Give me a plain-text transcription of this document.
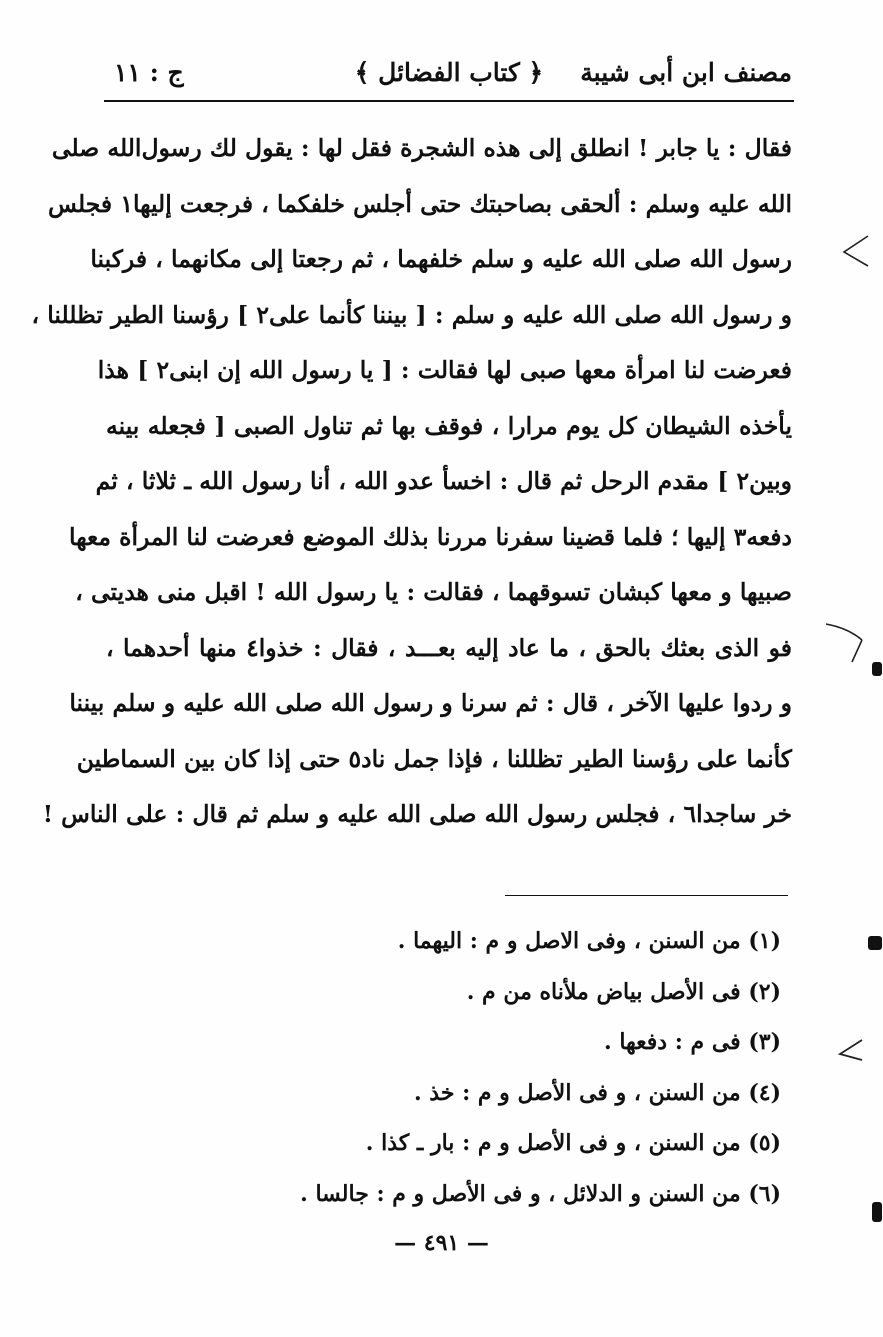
مصنف ابن أبى شيبة
﴿ كتاب الفضائل ﴾
ج : ١١
فقال : يا جابر ! انطلق إلى هذه الشجرة فقل لها : يقول لك رسول‌الله صلى
الله عليه وسلم : ألحقى بصاحبتك حتى أجلس خلفكما ، فرجعت إليها١ فجلس
رسول الله صلى الله عليه و سلم خلفهما ، ثم رجعتا إلى مكانهما ، فركبنا
و رسول الله صلى الله عليه و سلم : [ بيننا كأنما على٢ ] رؤسنا الطير تظللنا ،
فعرضت لنا امرأة معها صبى لها فقالت : [ يا رسول الله إن ابنى٢ ] هذا
يأخذه الشيطان كل يوم مرارا ، فوقف بها ثم تناول الصبى [ فجعله بينه
وبين٢ ] مقدم الرحل ثم قال : اخسأ عدو الله ، أنا رسول الله ـ ثلاثا ، ثم
دفعه٣ إليها ؛ فلما قضينا سفرنا مررنا بذلك الموضع فعرضت لنا المرأة معها
صبيها و معها كبشان تسوقهما ، فقالت : يا رسول الله ! اقبل منى هديتى ،
فو الذى بعثك بالحق ، ما عاد إليه بعـــد ، فقال : خذوا٤ منها أحدهما ،
و ردوا عليها الآخر ، قال : ثم سرنا و رسول الله صلى الله عليه و سلم بيننا
كأنما على رؤسنا الطير تظللنا ، فإذا جمل ناد٥ حتى إذا كان بين السماطين
خر ساجدا٦ ، فجلس رسول الله صلى الله عليه و سلم ثم قال : على الناس !
(١) من السنن ، وفى الاصل و م : اليهما .
(٢) فى الأصل بياض ملأناه من م .
(٣) فى م : دفعها .
(٤) من السنن ، و فى الأصل و م : خذ .
(٥) من السنن ، و فى الأصل و م : بار ـ كذا .
(٦) من السنن و الدلائل ، و فى الأصل و م : جالسا .
— ٤٩١ —
